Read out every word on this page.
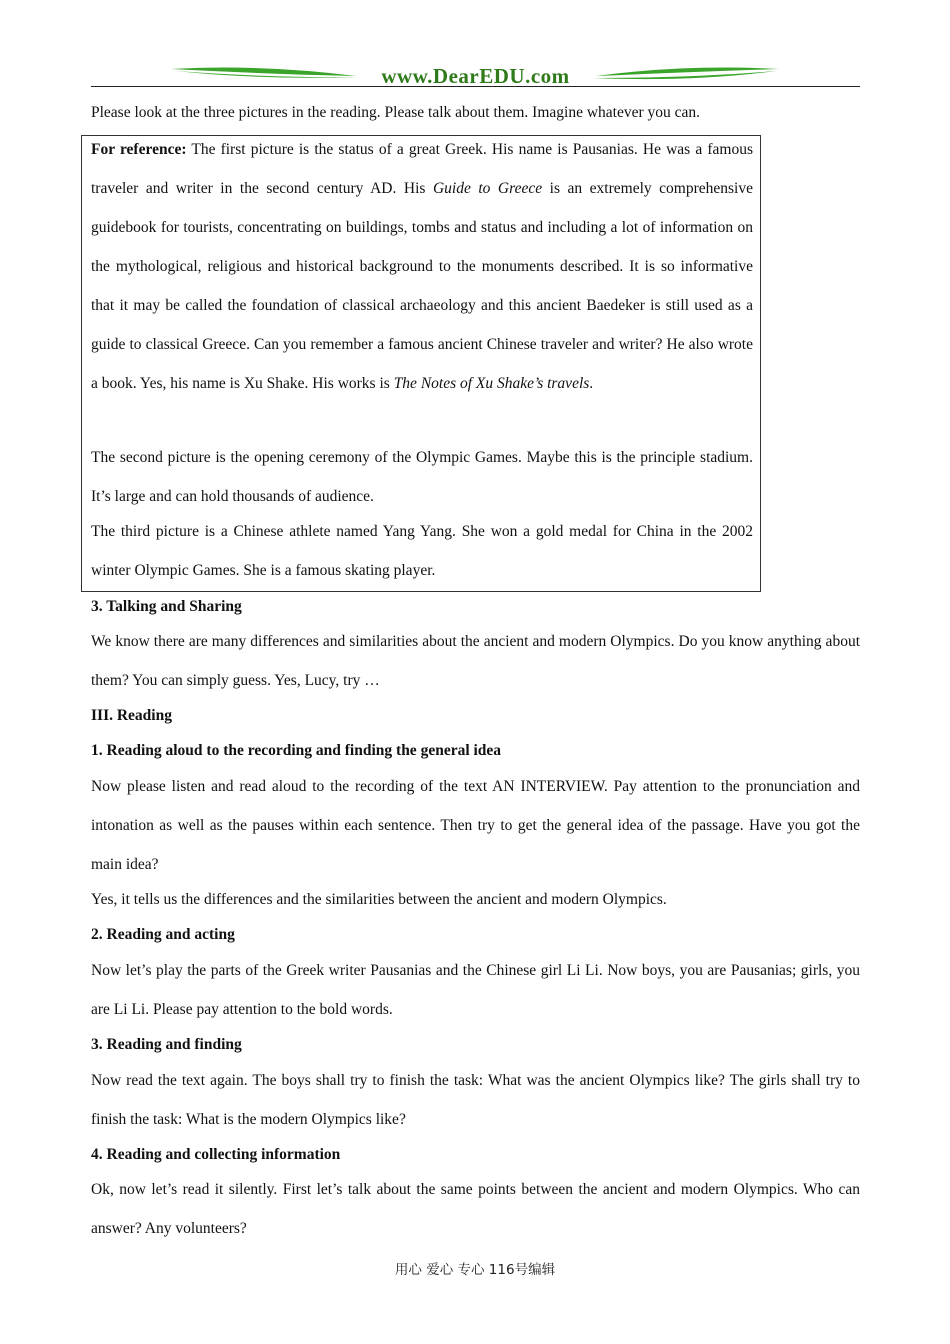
www.DearEDU.com

Please look at the three pictures in the reading. Please talk about them. Imagine whatever you can.

For reference: The first picture is the status of a great Greek. His name is Pausanias. He was a famous traveler and writer in the second century AD. His Guide to Greece is an extremely comprehensive guidebook for tourists, concentrating on buildings, tombs and status and including a lot of information on the mythological, religious and historical background to the monuments described. It is so informative that it may be called the foundation of classical archaeology and this ancient Baedeker is still used as a guide to classical Greece. Can you remember a famous ancient Chinese traveler and writer? He also wrote a book. Yes, his name is Xu Shake. His works is The Notes of Xu Shake’s travels.

The second picture is the opening ceremony of the Olympic Games. Maybe this is the principle stadium. It’s large and can hold thousands of audience.

The third picture is a Chinese athlete named Yang Yang. She won a gold medal for China in the 2002 winter Olympic Games. She is a famous skating player.

3. Talking and Sharing

We know there are many differences and similarities about the ancient and modern Olympics. Do you know anything about them? You can simply guess. Yes, Lucy, try …

III. Reading

1. Reading aloud to the recording and finding the general idea

Now please listen and read aloud to the recording of the text AN INTERVIEW. Pay attention to the pronunciation and intonation as well as the pauses within each sentence. Then try to get the general idea of the passage. Have you got the main idea?

Yes, it tells us the differences and the similarities between the ancient and modern Olympics.

2. Reading and acting

Now let’s play the parts of the Greek writer Pausanias and the Chinese girl Li Li. Now boys, you are Pausanias; girls, you are Li Li. Please pay attention to the bold words.

3. Reading and finding

Now read the text again. The boys shall try to finish the task: What was the ancient Olympics like? The girls shall try to finish the task: What is the modern Olympics like?

4. Reading and collecting information

Ok, now let’s read it silently. First let’s talk about the same points between the ancient and modern Olympics. Who can answer? Any volunteers?

用心 爱心 专心 116号编辑
